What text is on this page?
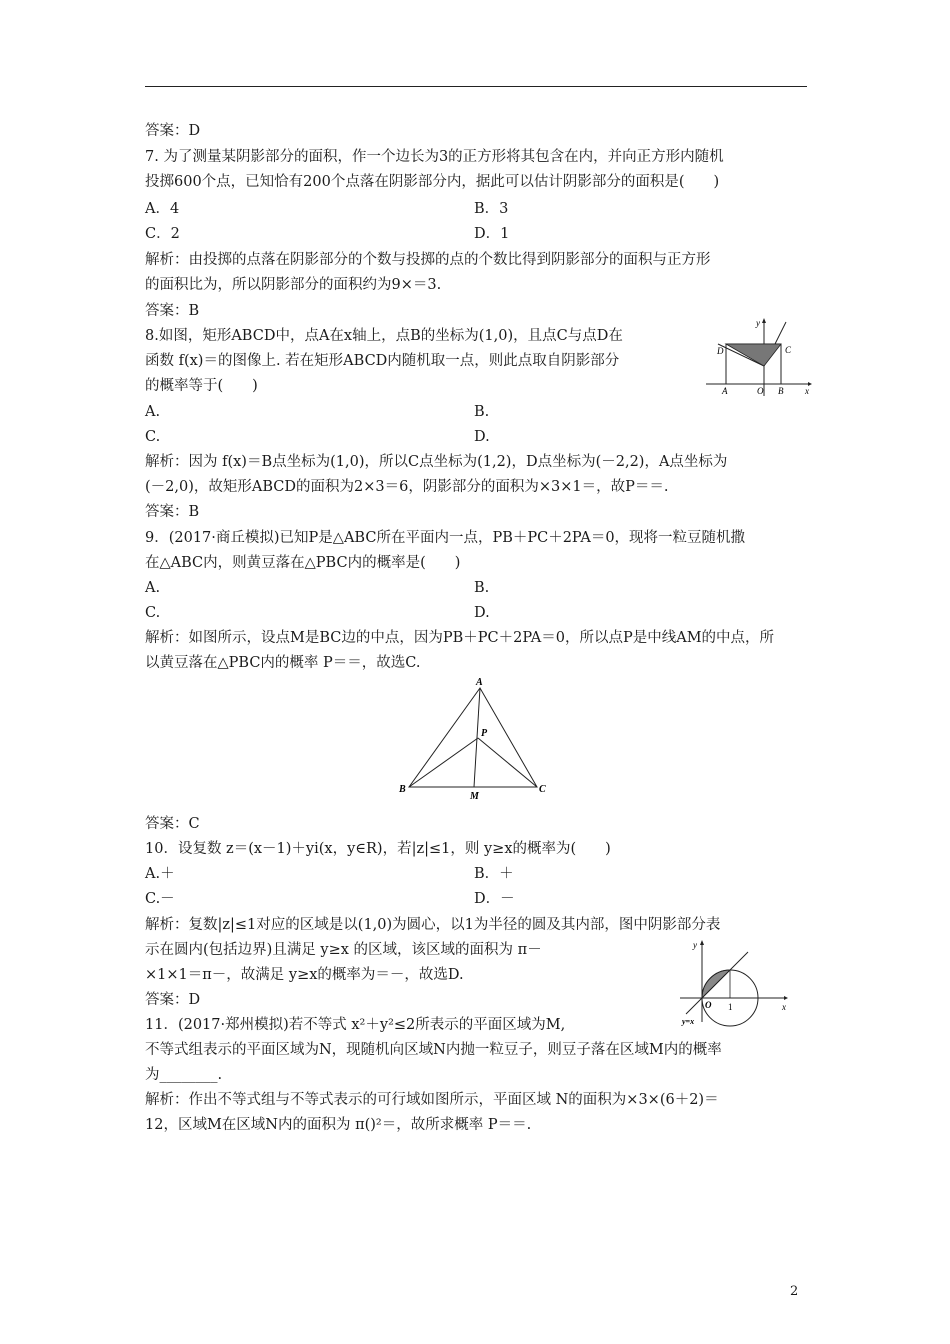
答案：D
7. 为了测量某阴影部分的面积，作一个边长为3的正方形将其包含在内，并向正方形内随机
投掷600个点，已知恰有200个点落在阴影部分内，据此可以估计阴影部分的面积是(　　)
A．4	B．3
C．2	D．1
解析：由投掷的点落在阴影部分的个数与投掷的点的个数比得到阴影部分的面积与正方形
的面积比为，所以阴影部分的面积约为9×＝3.
答案：B
8.如图，矩形ABCD中，点A在x轴上，点B的坐标为(1,0)，且点C与点D在
函数 f(x)＝的图像上. 若在矩形ABCD内随机取一点，则此点取自阴影部分
的概率等于(　　)
A.	B.
C.	D.
解析：因为 f(x)＝B点坐标为(1,0)，所以C点坐标为(1,2)，D点坐标为(－2,2)，A点坐标为
(－2,0)，故矩形ABCD的面积为2×3＝6，阴影部分的面积为×3×1＝，故P＝＝.
答案：B
9．(2017·商丘模拟)已知P是△ABC所在平面内一点，PB＋PC＋2PA＝0，现将一粒豆随机撒
在△ABC内，则黄豆落在△PBC内的概率是(　　)
A.	B.
C.	D.
解析：如图所示，设点M是BC边的中点，因为PB＋PC＋2PA＝0，所以点P是中线AM的中点，所
以黄豆落在△PBC内的概率 P＝＝，故选C.
答案：C
10．设复数 z＝(x－1)＋yi(x，y∈R)，若|z|≤1，则 y≥x的概率为(　　)
A.＋	B．＋
C.－	D．－
解析：复数|z|≤1对应的区域是以(1,0)为圆心，以1为半径的圆及其内部，图中阴影部分表
示在圆内(包括边界)且满足 y≥x 的区域，该区域的面积为 π－
×1×1＝π－，故满足 y≥x的概率为＝－，故选D.
答案：D
11．(2017·郑州模拟)若不等式 x²＋y²≤2所表示的平面区域为M,
不等式组表示的平面区域为N，现随机向区域N内抛一粒豆子，则豆子落在区域M内的概率
为________.
解析：作出不等式组与不等式表示的可行域如图所示，平面区域 N的面积为×3×(6＋2)＝
12，区域M在区域N内的面积为 π()²＝，故所求概率 P＝＝.
y
x
D	C
A	O B
A
P
B
M
C
y
x
O 1
y=x
2
